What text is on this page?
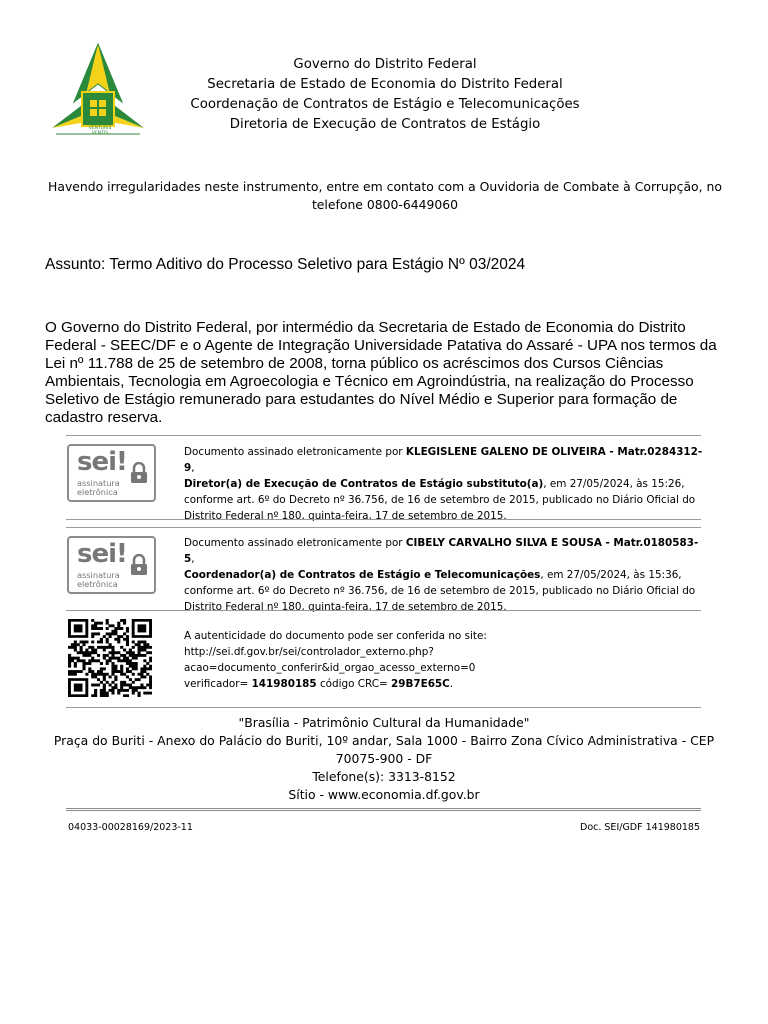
VENTURIS VENTIS
Governo do Distrito Federal
Secretaria de Estado de Economia do Distrito Federal
Coordenação de Contratos de Estágio e Telecomunicações
Diretoria de Execução de Contratos de Estágio
Havendo irregularidades neste instrumento, entre em contato com a Ouvidoria de Combate à Corrupção, no telefone 0800-6449060
Assunto: Termo Aditivo do Processo Seletivo para Estágio Nº 03/2024
O Governo do Distrito Federal, por intermédio da Secretaria de Estado de Economia do Distrito Federal - SEEC/DF e o Agente de Integração Universidade Patativa do Assaré - UPA nos termos da Lei nº 11.788 de 25 de setembro de 2008, torna público os acréscimos dos Cursos Ciências Ambientais, Tecnologia em Agroecologia e Técnico em Agroindústria, na realização do Processo Seletivo de Estágio remunerado para estudantes do Nível Médio e Superior para formação de cadastro reserva.
sei!
assinatura
eletrônica
Documento assinado eletronicamente por KLEGISLENE GALENO DE OLIVEIRA - Matr.0284312-9,
Diretor(a) de Execução de Contratos de Estágio substituto(a), em 27/05/2024, às 15:26,
conforme art. 6º do Decreto nº 36.756, de 16 de setembro de 2015, publicado no Diário Oficial do Distrito Federal nº 180, quinta-feira, 17 de setembro de 2015.
sei!
assinatura
eletrônica
Documento assinado eletronicamente por CIBELY CARVALHO SILVA E SOUSA - Matr.0180583-5,
Coordenador(a) de Contratos de Estágio e Telecomunicações, em 27/05/2024, às 15:36,
conforme art. 6º do Decreto nº 36.756, de 16 de setembro de 2015, publicado no Diário Oficial do Distrito Federal nº 180, quinta-feira, 17 de setembro de 2015.
A autenticidade do documento pode ser conferida no site:
http://sei.df.gov.br/sei/controlador_externo.php?
acao=documento_conferir&id_orgao_acesso_externo=0
verificador= 141980185 código CRC= 29B7E65C.
"Brasília - Patrimônio Cultural da Humanidade"
Praça do Buriti - Anexo do Palácio do Buriti, 10º andar, Sala 1000 - Bairro Zona Cívico Administrativa - CEP 70075-900 - DF
Telefone(s): 3313-8152
Sítio - www.economia.df.gov.br
04033-00028169/2023-11	Doc. SEI/GDF 141980185
